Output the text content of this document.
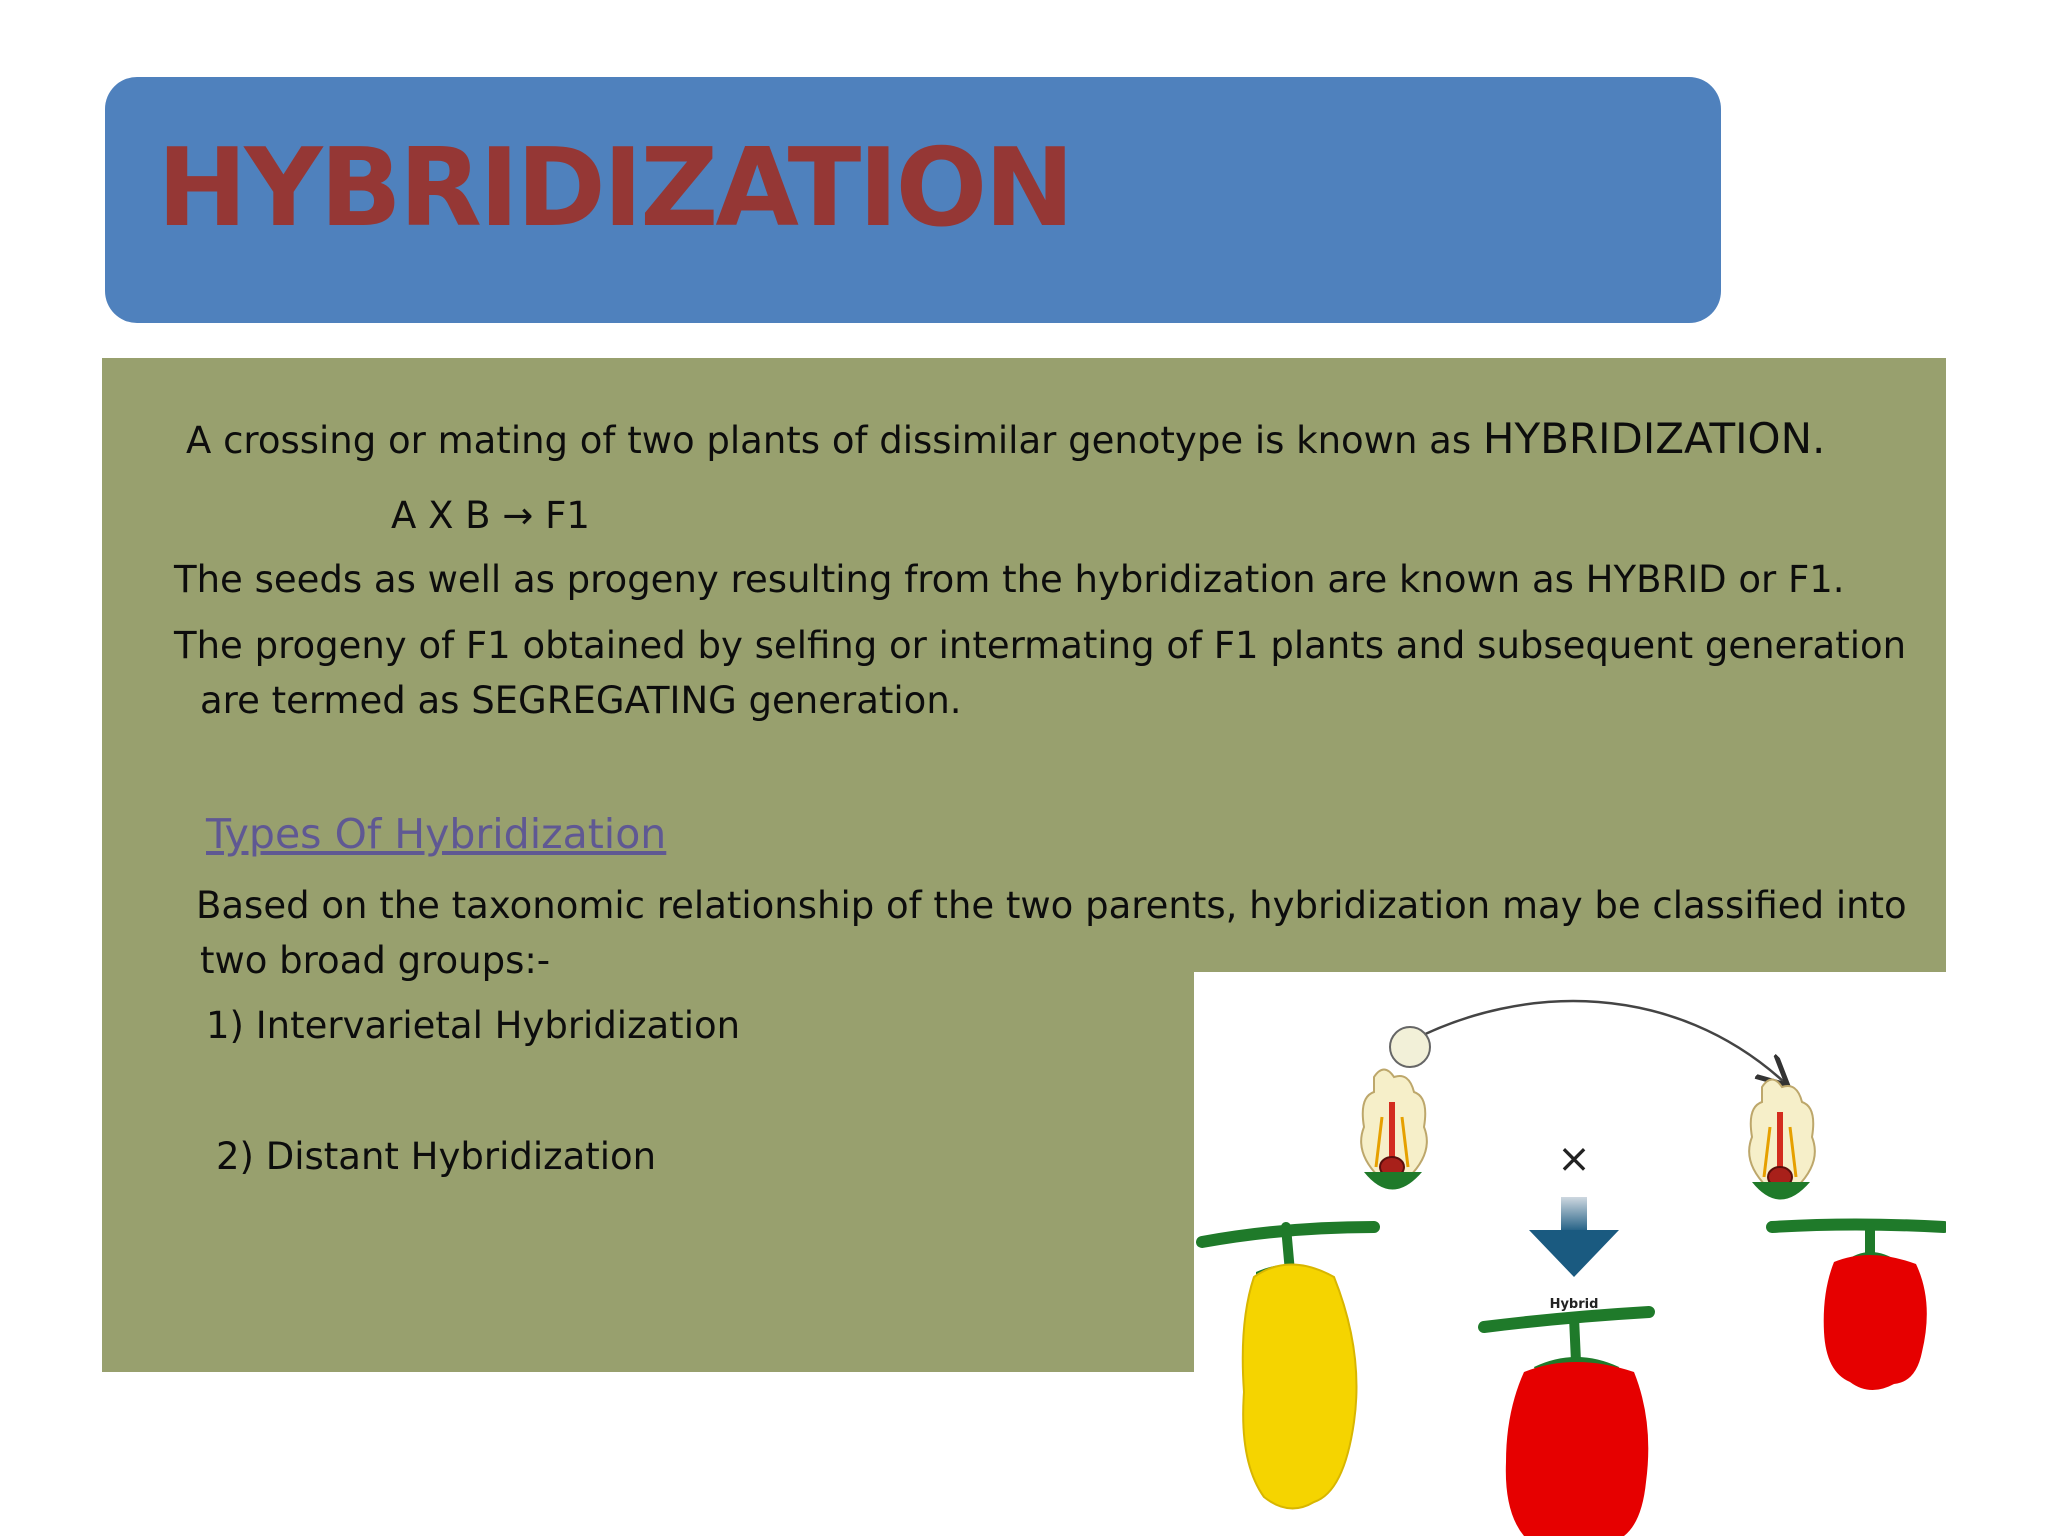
HYBRIDIZATION
A crossing or mating of two plants of dissimilar genotype is known as HYBRIDIZATION.
A X B → F1
The seeds as well as progeny resulting from the hybridization are known as HYBRID or F1.
The progeny of F1 obtained by selfing or intermating of F1 plants and subsequent generation
are termed as SEGREGATING generation.
Types Of Hybridization
Based on the taxonomic relationship of the two parents, hybridization may be classified into
two broad groups:-
1) Intervarietal Hybridization
2) Distant Hybridization	×
Hybrid
